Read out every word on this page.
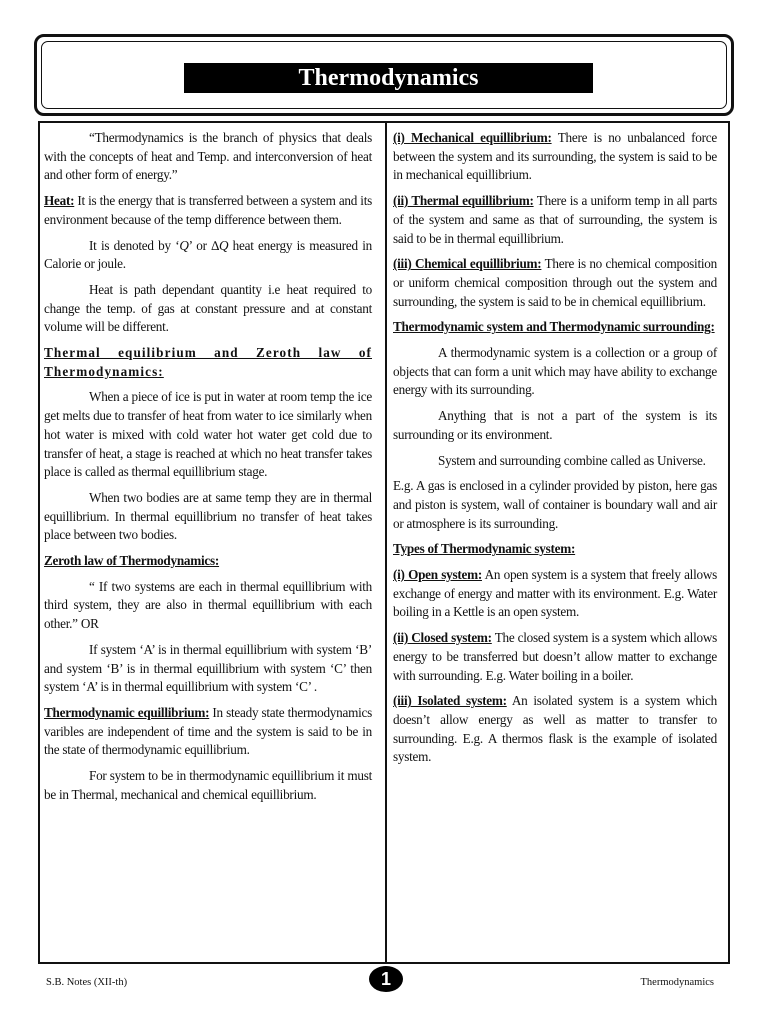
Thermodynamics

“Thermodynamics is the branch of physics that deals with the concepts of heat and Temp. and interconversion of heat and other form of energy.”

Heat: It is the energy that is transferred between a system and its environment because of the temp difference between them.

It is denoted by ‘Q’ or ∆Q heat energy is measured in Calorie or joule.

Heat is path dependant quantity i.e heat required to change the temp. of gas at constant pressure and at constant volume will be different.

Thermal equilibrium and Zeroth law of Thermodynamics:

When a piece of ice is put in water at room temp the ice get melts due to transfer of heat from water to ice similarly when hot water is mixed with cold water hot water get cold due to transfer of heat, a stage is reached at which no heat transfer takes place is called as thermal equillibrium stage.

When two bodies are at same temp they are in thermal equillibrium. In thermal equillibrium no transfer of heat takes place between two bodies.

Zeroth law of Thermodynamics:

“ If two systems are each in thermal equillibrium with third system, they are also in thermal equillibrium with each other.” OR

If system ‘A’ is in thermal equillibrium with system ‘B’ and system ‘B’ is in thermal equillibrium with system ‘C’ then system ‘A’ is in thermal equillibrium with system ‘C’ .

Thermodynamic equillibrium: In steady state thermodynamics varibles are independent of time and the system is said to be in the state of thermodynamic equillibrium.

For system to be in thermodynamic equillibrium it must be in Thermal, mechanical and chemical equillibrium.

(i) Mechanical equillibrium: There is no unbalanced force between the system and its surrounding, the system is said to be in mechanical equillibrium.

(ii) Thermal equillibrium: There is a uniform temp in all parts of the system and same as that of surrounding, the system is said to be in thermal equillibrium.

(iii) Chemical equillibrium: There is no chemical composition or uniform chemical composition through out the system and surrounding, the system is said to be in chemical equillibrium.

Thermodynamic system and Thermodynamic surrounding:

A thermodynamic system is a collection or a group of objects that can form a unit which may have ability to exchange energy with its surrounding.

Anything that is not a part of the system is its surrounding or its environment.

System and surrounding combine called as Universe.

E.g. A gas is enclosed in a cylinder provided by piston, here gas and piston is system, wall of container is boundary wall and air or atmosphere is its surrounding.

Types of Thermodynamic system:

(i) Open system: An open system is a system that freely allows exchange of energy and matter with its environment. E.g. Water boiling in a Kettle is an open system.

(ii) Closed system: The closed system is a system which allows energy to be transferred but doesn’t allow matter to exchange with surrounding. E.g. Water boiling in a boiler.

(iii) Isolated system: An isolated system is a system which doesn’t allow energy as well as matter to transfer to surrounding. E.g. A thermos flask is the example of isolated system.

S.B. Notes (XII-th)	1	Thermodynamics
